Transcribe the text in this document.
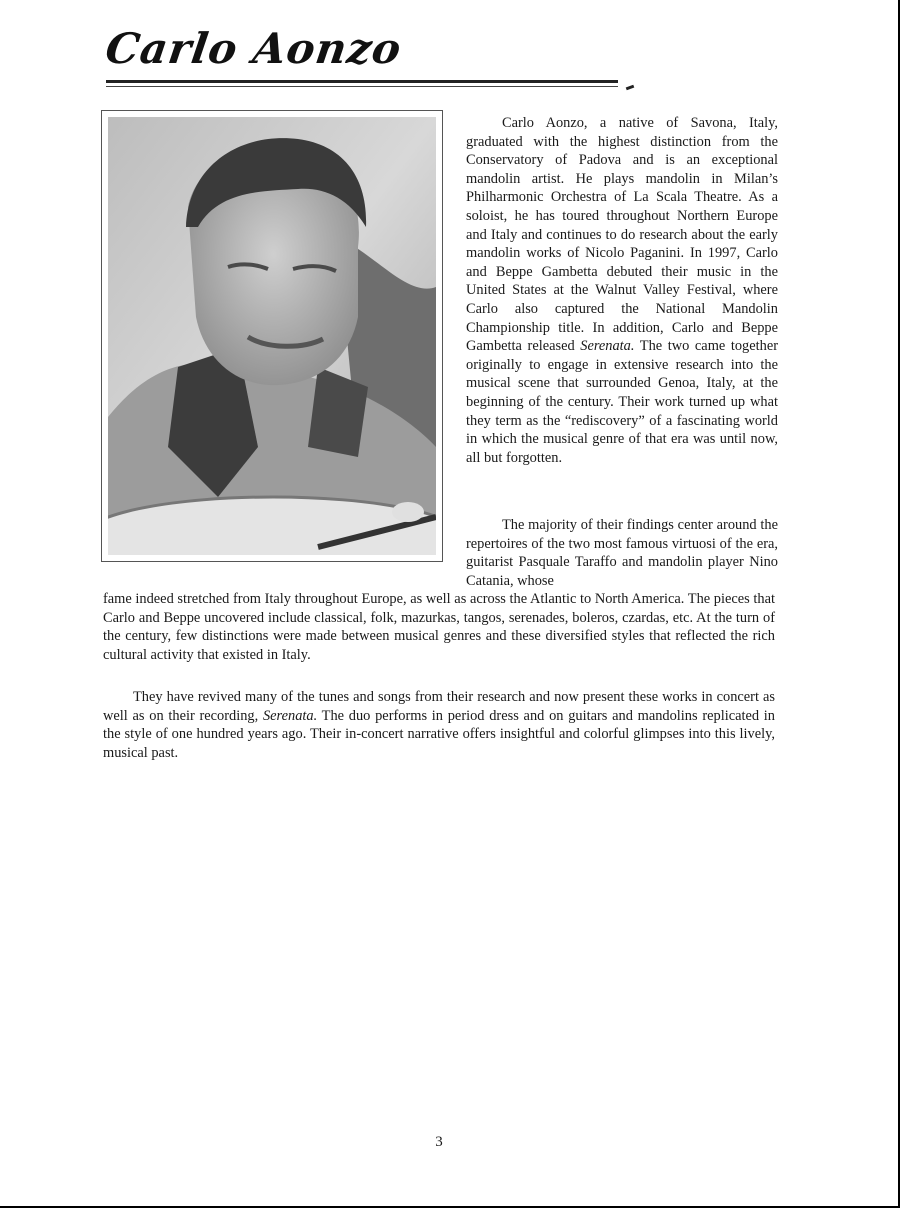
Carlo Aonzo

Carlo Aonzo, a native of Savona, Italy, graduated with the highest distinction from the Conservatory of Padova and is an exceptional mandolin artist. He plays mandolin in Milan’s Philharmonic Orchestra of La Scala Theatre. As a soloist, he has toured throughout Northern Europe and Italy and continues to do research about the early mandolin works of Nicolo Paganini. In 1997, Carlo and Beppe Gambetta debuted their music in the United States at the Walnut Valley Festival, where Carlo also captured the National Mandolin Championship title. In addition, Carlo and Beppe Gambetta released Serenata. The two came together originally to engage in extensive research into the musical scene that surrounded Genoa, Italy, at the beginning of the century. Their work turned up what they term as the “rediscovery” of a fascinating world in which the musical genre of that era was until now, all but forgotten.

The majority of their findings center around the repertoires of the two most famous virtuosi of the era, guitarist Pasquale Taraffo and mandolin player Nino Catania, whose

fame indeed stretched from Italy throughout Europe, as well as across the Atlantic to North America. The pieces that Carlo and Beppe uncovered include classical, folk, mazurkas, tangos, serenades, boleros, czardas, etc. At the turn of the century, few distinctions were made between musical genres and these diversified styles that reflected the rich cultural activity that existed in Italy.

They have revived many of the tunes and songs from their research and now present these works in concert as well as on their recording, Serenata. The duo performs in period dress and on guitars and mandolins replicated in the style of one hundred years ago. Their in-concert narrative offers insightful and colorful glimpses into this lively, musical past.

3
